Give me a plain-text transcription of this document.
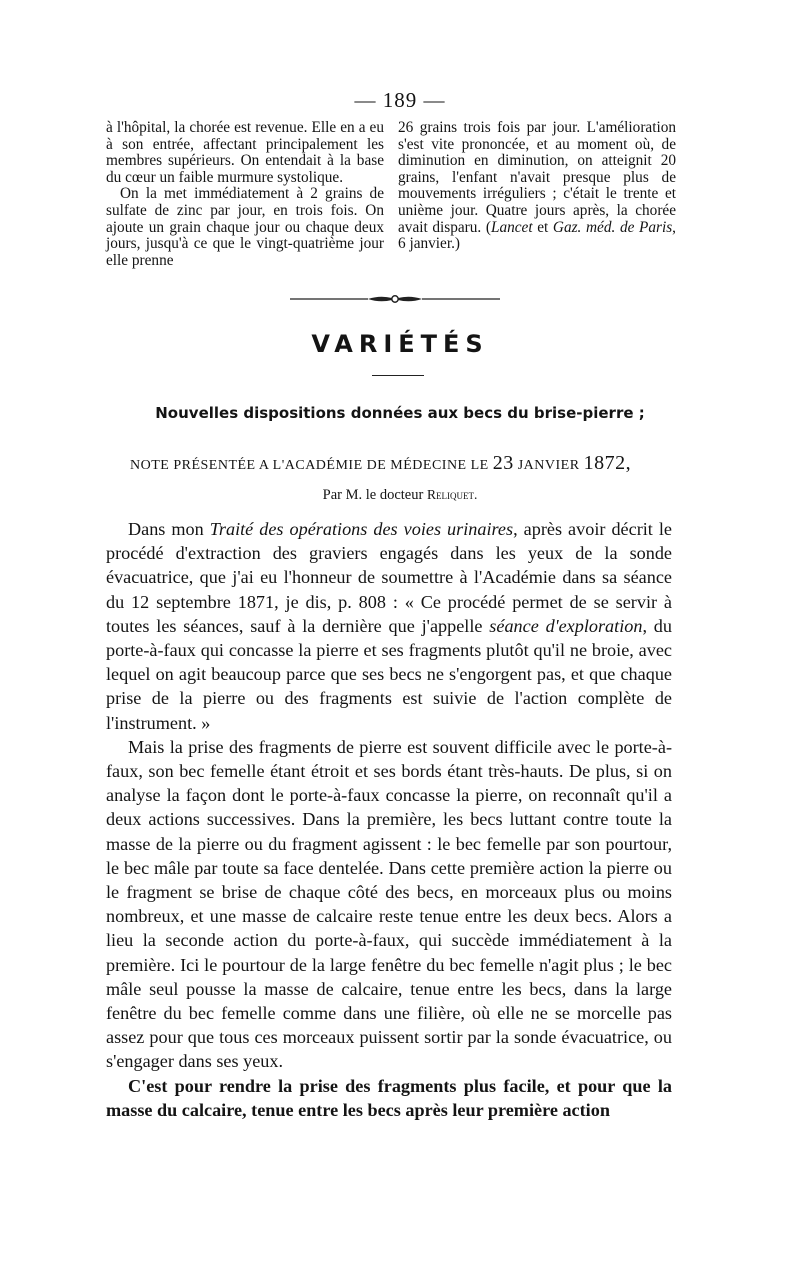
— 189 —

à l'hôpital, la chorée est revenue. Elle en a eu à son entrée, affectant principalement les membres supérieurs. On entendait à la base du cœur un faible murmure systolique.

On la met immédiatement à 2 grains de sulfate de zinc par jour, en trois fois. On ajoute un grain chaque jour ou chaque deux jours, jusqu'à ce que le vingt-quatrième jour elle prenne

26 grains trois fois par jour. L'amélioration s'est vite prononcée, et au moment où, de diminution en diminution, on atteignit 20 grains, l'enfant n'avait presque plus de mouvements irréguliers ; c'était le trente et unième jour. Quatre jours après, la chorée avait disparu. (Lancet et Gaz. méd. de Paris, 6 janvier.)

VARIÉTÉS
Nouvelles dispositions données aux becs du brise-pierre ;
NOTE PRÉSENTÉE A L'ACADÉMIE DE MÉDECINE LE 23 JANVIER 1872,
Par M. le docteur Reliquet.

Dans mon Traité des opérations des voies urinaires, après avoir décrit le procédé d'extraction des graviers engagés dans les yeux de la sonde évacuatrice, que j'ai eu l'honneur de soumettre à l'Académie dans sa séance du 12 septembre 1871, je dis, p. 808 : « Ce procédé permet de se servir à toutes les séances, sauf à la dernière que j'appelle séance d'exploration, du porte-à-faux qui concasse la pierre et ses fragments plutôt qu'il ne broie, avec lequel on agit beaucoup parce que ses becs ne s'engorgent pas, et que chaque prise de la pierre ou des fragments est suivie de l'action complète de l'instrument. »

Mais la prise des fragments de pierre est souvent difficile avec le porte-à-faux, son bec femelle étant étroit et ses bords étant très-hauts. De plus, si on analyse la façon dont le porte-à-faux concasse la pierre, on reconnaît qu'il a deux actions successives. Dans la première, les becs luttant contre toute la masse de la pierre ou du fragment agissent : le bec femelle par son pourtour, le bec mâle par toute sa face dentelée. Dans cette première action la pierre ou le fragment se brise de chaque côté des becs, en morceaux plus ou moins nombreux, et une masse de calcaire reste tenue entre les deux becs. Alors a lieu la seconde action du porte-à-faux, qui succède immédiatement à la première. Ici le pourtour de la large fenêtre du bec femelle n'agit plus ; le bec mâle seul pousse la masse de calcaire, tenue entre les becs, dans la large fenêtre du bec femelle comme dans une filière, où elle ne se morcelle pas assez pour que tous ces morceaux puissent sortir par la sonde évacuatrice, ou s'engager dans ses yeux.

C'est pour rendre la prise des fragments plus facile, et pour que la masse du calcaire, tenue entre les becs après leur première action
